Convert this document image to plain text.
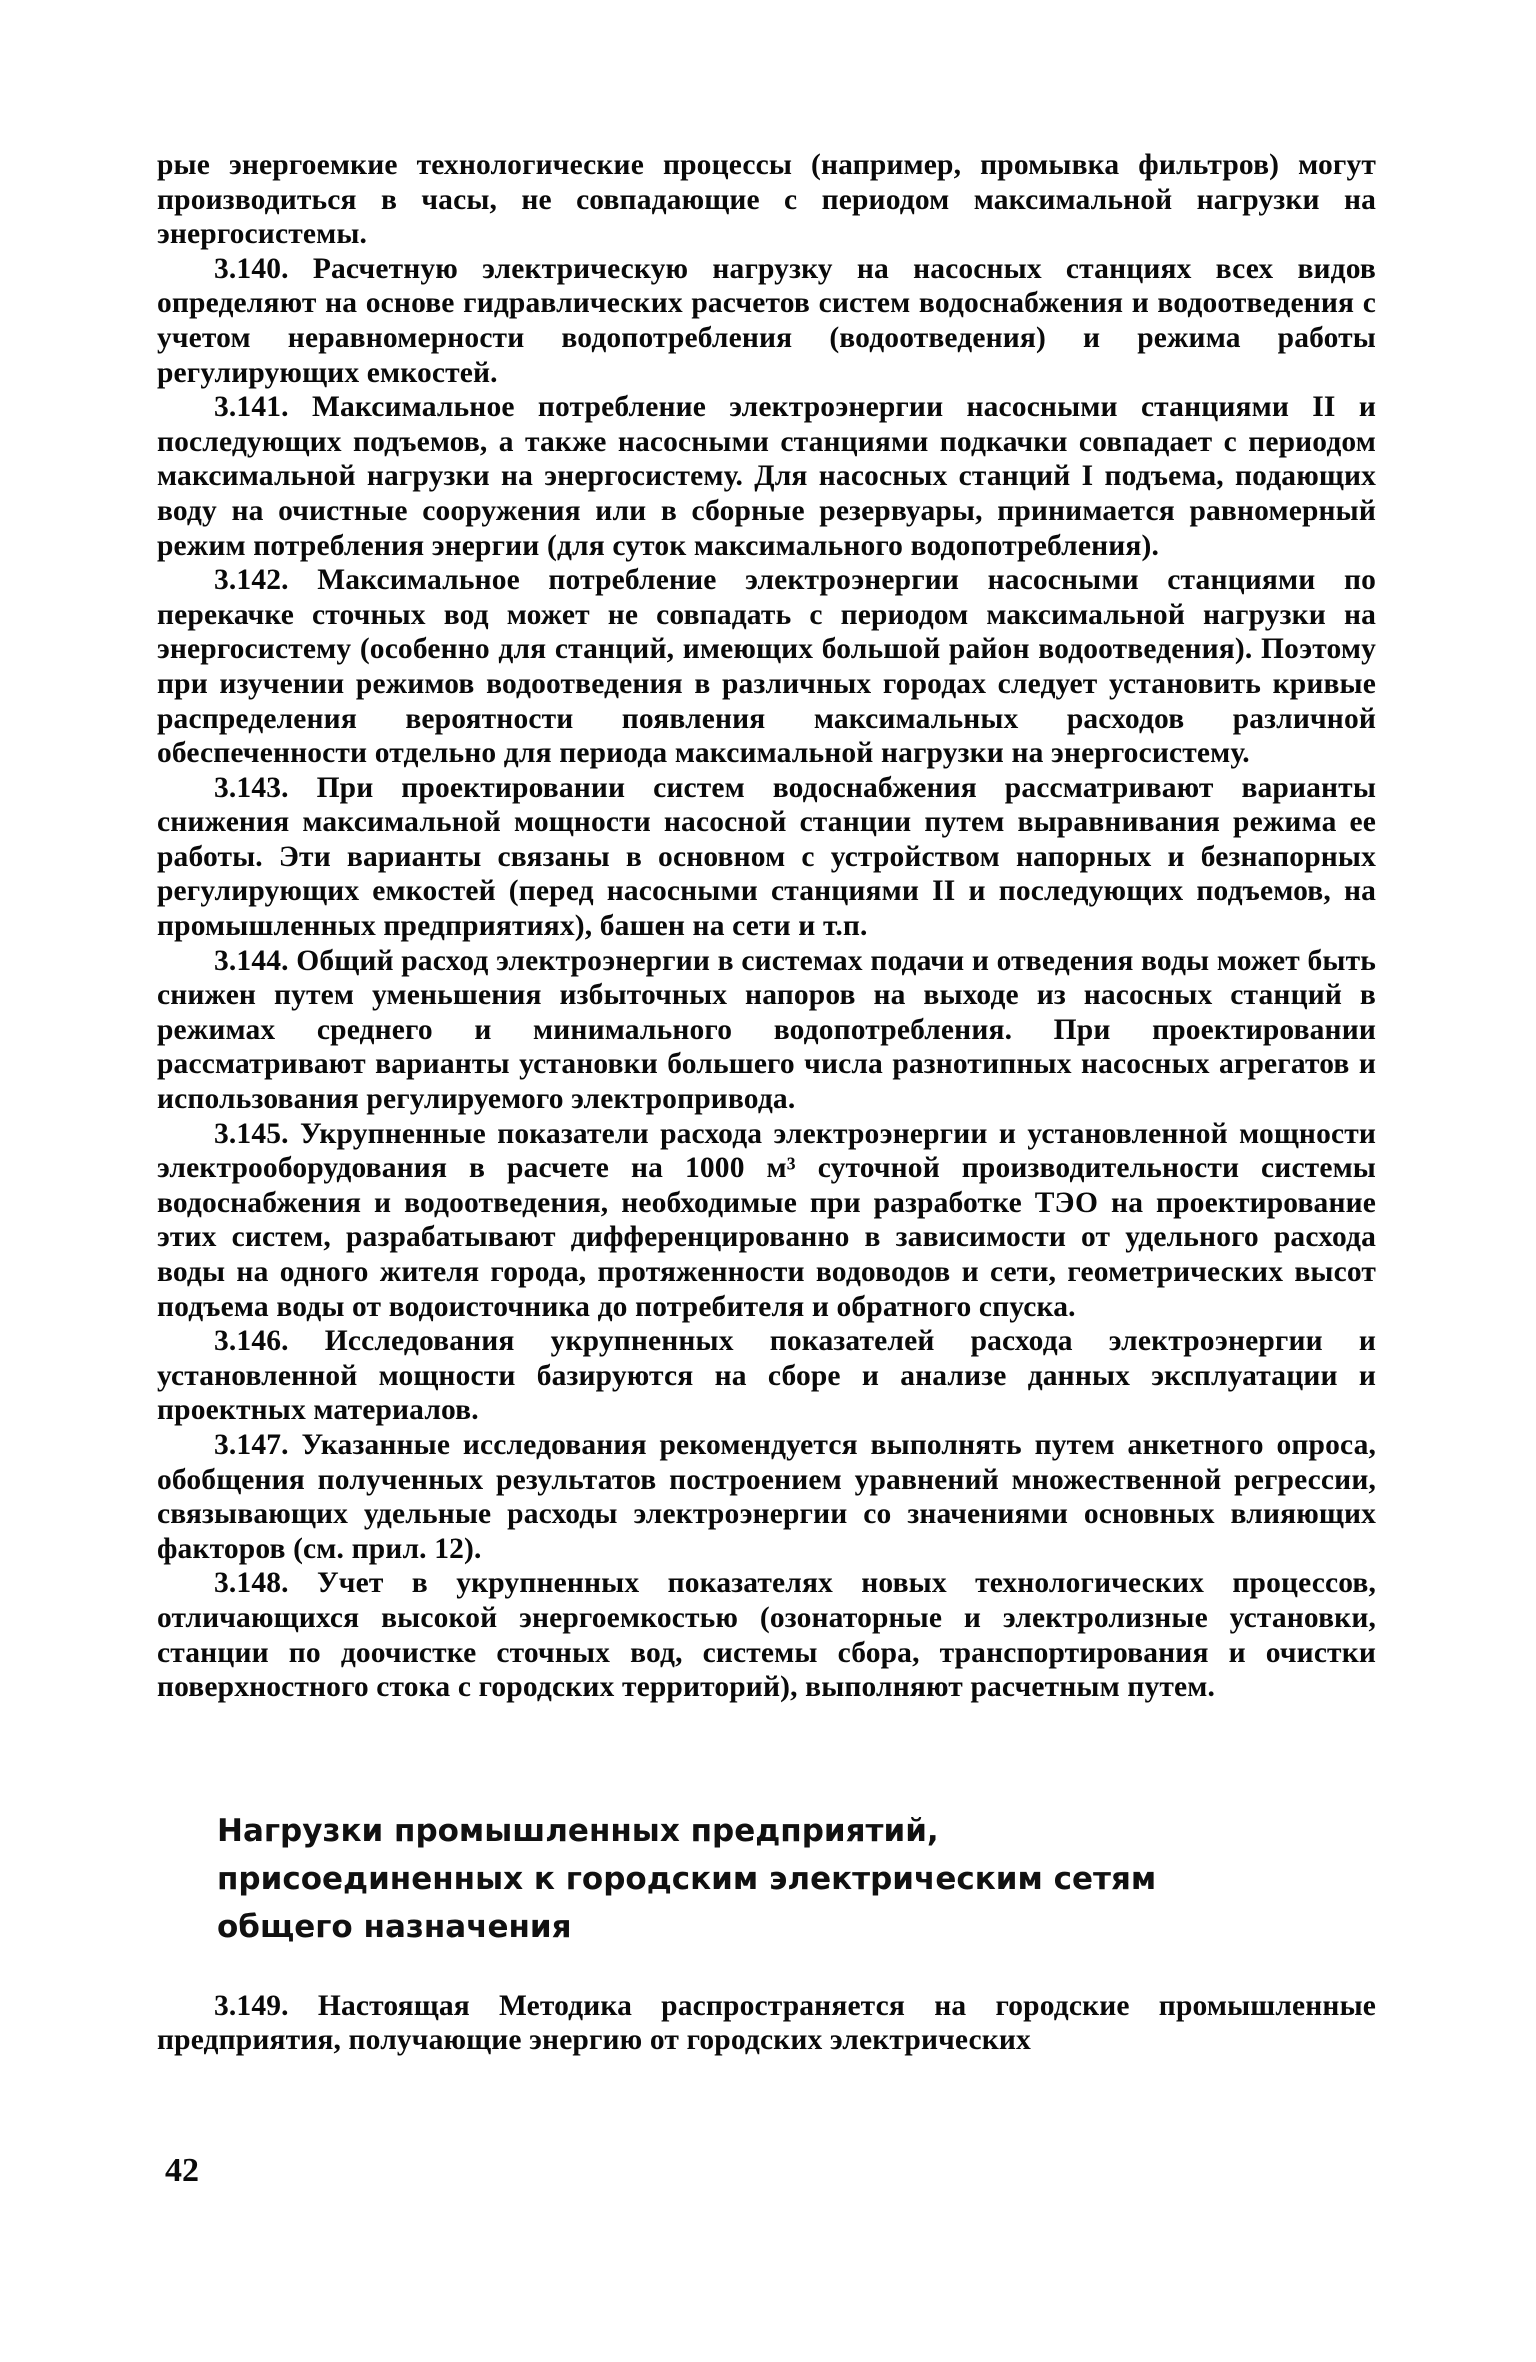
рые энергоемкие технологические процессы (например, промывка фильтров) могут производиться в часы, не совпадающие с периодом максимальной нагрузки на энергосистемы.

3.140. Расчетную электрическую нагрузку на насосных станциях всех видов определяют на основе гидравлических расчетов систем водоснабжения и водоотведения с учетом неравномерности водопотребления (водоотведения) и режима работы регулирующих емкостей.

3.141. Максимальное потребление электроэнергии насосными станциями II и последующих подъемов, а также насосными станциями подкачки совпадает с периодом максимальной нагрузки на энергосистему. Для насосных станций I подъема, подающих воду на очистные сооружения или в сборные резервуары, принимается равномерный режим потребления энергии (для суток максимального водопотребления).

3.142. Максимальное потребление электроэнергии насосными станциями по перекачке сточных вод может не совпадать с периодом максимальной нагрузки на энергосистему (особенно для станций, имеющих большой район водоотведения). Поэтому при изучении режимов водоотведения в различных городах следует установить кривые распределения вероятности появления максимальных расходов различной обеспеченности отдельно для периода максимальной нагрузки на энергосистему.

3.143. При проектировании систем водоснабжения рассматривают варианты снижения максимальной мощности насосной станции путем выравнивания режима ее работы. Эти варианты связаны в основном с устройством напорных и безнапорных регулирующих емкостей (перед насосными станциями II и последующих подъемов, на промышленных предприятиях), башен на сети и т.п.

3.144. Общий расход электроэнергии в системах подачи и отведения воды может быть снижен путем уменьшения избыточных напоров на выходе из насосных станций в режимах среднего и минимального водопотребления. При проектировании рассматривают варианты установки большего числа разнотипных насосных агрегатов и использования регулируемого электропривода.

3.145. Укрупненные показатели расхода электроэнергии и установленной мощности электрооборудования в расчете на 1000 м³ суточной производительности системы водоснабжения и водоотведения, необходимые при разработке ТЭО на проектирование этих систем, разрабатывают дифференцированно в зависимости от удельного расхода воды на одного жителя города, протяженности водоводов и сети, геометрических высот подъема воды от водоисточника до потребителя и обратного спуска.

3.146. Исследования укрупненных показателей расхода электроэнергии и установленной мощности базируются на сборе и анализе данных эксплуатации и проектных материалов.

3.147. Указанные исследования рекомендуется выполнять путем анкетного опроса, обобщения полученных результатов построением уравнений множественной регрессии, связывающих удельные расходы электроэнергии со значениями основных влияющих факторов (см. прил. 12).

3.148. Учет в укрупненных показателях новых технологических процессов, отличающихся высокой энергоемкостью (озонаторные и электролизные установки, станции по доочистке сточных вод, системы сбора, транспортирования и очистки поверхностного стока с городских территорий), выполняют расчетным путем.

Нагрузки промышленных предприятий,
присоединенных к городским электрическим сетям
общего назначения

3.149. Настоящая Методика распространяется на городские промышленные предприятия, получающие энергию от городских электрических

42
